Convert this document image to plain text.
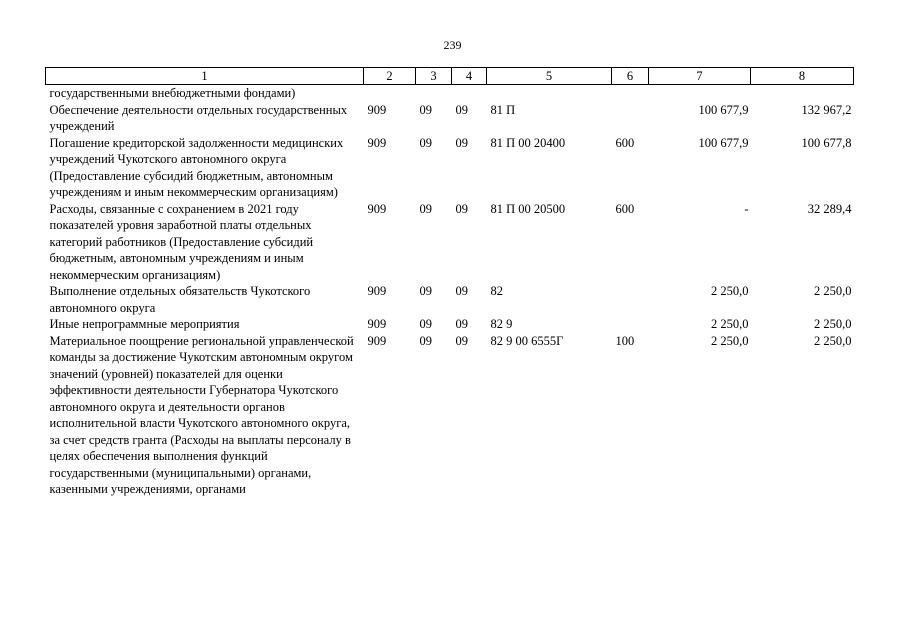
239
1	2	3	4	5	6	7	8
государственными внебюджетными фондами)							
Обеспечение деятельности отдельных государственных учреждений	909	09	09	81 П		100 677,9	132 967,2
Погашение кредиторской задолженности медицинских учреждений Чукотского автономного округа (Предоставление субсидий бюджетным, автономным учреждениям и иным некоммерческим организациям)	909	09	09	81 П 00 20400	600	100 677,9	100 677,8
Расходы, связанные с сохранением в 2021 году показателей уровня заработной платы отдельных категорий работников (Предоставление субсидий бюджетным, автономным учреждениям и иным некоммерческим организациям)	909	09	09	81 П 00 20500	600	-	32 289,4
Выполнение отдельных обязательств Чукотского автономного округа	909	09	09	82		2 250,0	2 250,0
Иные непрограммные мероприятия	909	09	09	82 9		2 250,0	2 250,0
Материальное поощрение региональной управленческой команды за достижение Чукотским автономным округом значений (уровней) показателей для оценки эффективности деятельности Губернатора Чукотского автономного округа и деятельности органов исполнительной власти Чукотского автономного округа, за счет средств гранта (Расходы на выплаты персоналу в целях обеспечения выполнения функций государственными (муниципальными) органами, казенными учреждениями, органами	909	09	09	82 9 00 6555Г	100	2 250,0	2 250,0
